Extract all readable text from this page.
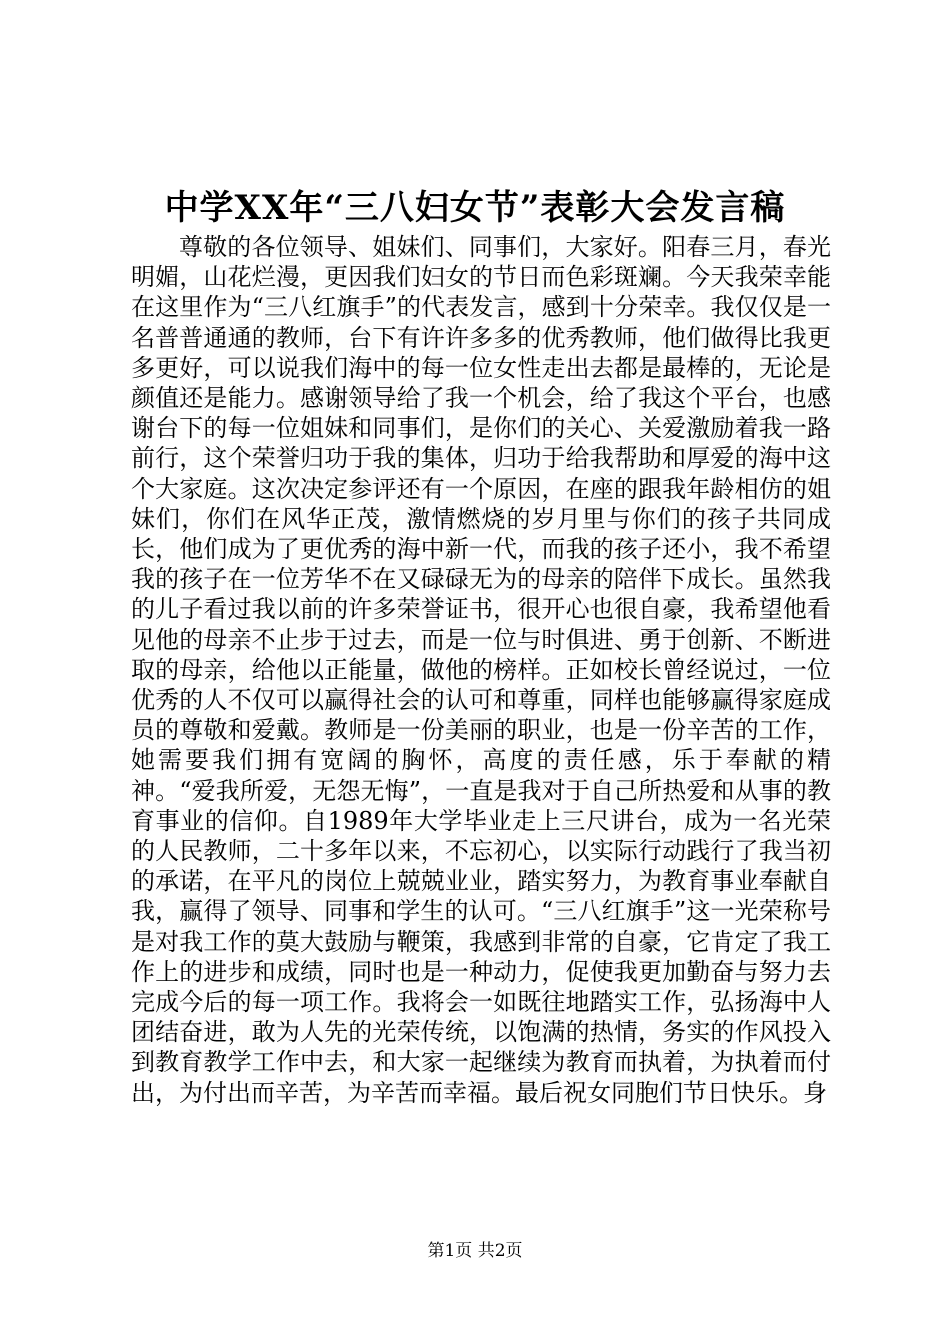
中学XX年“三八妇女节”表彰大会发言稿

尊敬的各位领导、姐妹们、同事们，大家好。阳春三月，春光明媚，山花烂漫，更因我们妇女的节日而色彩斑斓。今天我荣幸能在这里作为“三八红旗手”的代表发言，感到十分荣幸。我仅仅是一名普普通通的教师，台下有许许多多的优秀教师，他们做得比我更多更好，可以说我们海中的每一位女性走出去都是最棒的，无论是颜值还是能力。感谢领导给了我一个机会，给了我这个平台，也感谢台下的每一位姐妹和同事们，是你们的关心、关爱激励着我一路前行，这个荣誉归功于我的集体，归功于给我帮助和厚爱的海中这个大家庭。这次决定参评还有一个原因，在座的跟我年龄相仿的姐妹们，你们在风华正茂，激情燃烧的岁月里与你们的孩子共同成长，他们成为了更优秀的海中新一代，而我的孩子还小，我不希望我的孩子在一位芳华不在又碌碌无为的母亲的陪伴下成长。虽然我的儿子看过我以前的许多荣誉证书，很开心也很自豪，我希望他看见他的母亲不止步于过去，而是一位与时俱进、勇于创新、不断进取的母亲，给他以正能量，做他的榜样。正如校长曾经说过，一位优秀的人不仅可以赢得社会的认可和尊重，同样也能够赢得家庭成员的尊敬和爱戴。教师是一份美丽的职业，也是一份辛苦的工作，她需要我们拥有宽阔的胸怀，高度的责任感，乐于奉献的精神。“爱我所爱，无怨无悔”，一直是我对于自己所热爱和从事的教育事业的信仰。自1989年大学毕业走上三尺讲台，成为一名光荣的人民教师，二十多年以来，不忘初心，以实际行动践行了我当初的承诺，在平凡的岗位上兢兢业业，踏实努力，为教育事业奉献自我，赢得了领导、同事和学生的认可。“三八红旗手”这一光荣称号是对我工作的莫大鼓励与鞭策，我感到非常的自豪，它肯定了我工作上的进步和成绩，同时也是一种动力，促使我更加勤奋与努力去完成今后的每一项工作。我将会一如既往地踏实工作，弘扬海中人团结奋进，敢为人先的光荣传统，以饱满的热情，务实的作风投入到教育教学工作中去，和大家一起继续为教育而执着，为执着而付出，为付出而辛苦，为辛苦而幸福。最后祝女同胞们节日快乐。身

第1页 共2页
